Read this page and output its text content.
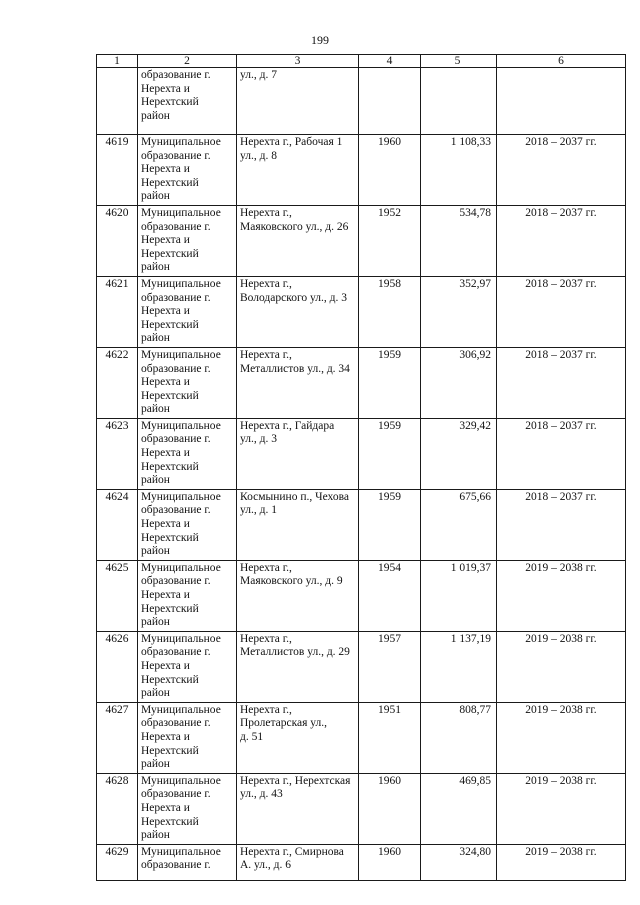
199
1	2	3	4	5	6

	образование г.
Нерехта и
Нерехтский
район	ул., д. 7			

4619	Муниципальное
образование г.
Нерехта и
Нерехтский
район	Нерехта г., Рабочая 1
ул., д. 8	1960	1 108,33	2018 – 2037 гг.
4620	Муниципальное
образование г.
Нерехта и
Нерехтский
район	Нерехта г.,
Маяковского ул., д. 26	1952	534,78	2018 – 2037 гг.
4621	Муниципальное
образование г.
Нерехта и
Нерехтский
район	Нерехта г.,
Володарского ул., д. 3	1958	352,97	2018 – 2037 гг.
4622	Муниципальное
образование г.
Нерехта и
Нерехтский
район	Нерехта г.,
Металлистов ул., д. 34	1959	306,92	2018 – 2037 гг.
4623	Муниципальное
образование г.
Нерехта и
Нерехтский
район	Нерехта г., Гайдара
ул., д. 3	1959	329,42	2018 – 2037 гг.
4624	Муниципальное
образование г.
Нерехта и
Нерехтский
район	Космынино п., Чехова
ул., д. 1	1959	675,66	2018 – 2037 гг.
4625	Муниципальное
образование г.
Нерехта и
Нерехтский
район	Нерехта г.,
Маяковского ул., д. 9	1954	1 019,37	2019 – 2038 гг.
4626	Муниципальное
образование г.
Нерехта и
Нерехтский
район	Нерехта г.,
Металлистов ул., д. 29	1957	1 137,19	2019 – 2038 гг.
4627	Муниципальное
образование г.
Нерехта и
Нерехтский
район	Нерехта г.,
Пролетарская ул.,
д. 51	1951	808,77	2019 – 2038 гг.
4628	Муниципальное
образование г.
Нерехта и
Нерехтский
район	Нерехта г., Нерехтская
ул., д. 43	1960	469,85	2019 – 2038 гг.
4629	Муниципальное
образование г.	Нерехта г., Смирнова
А. ул., д. 6	1960	324,80	2019 – 2038 гг.
